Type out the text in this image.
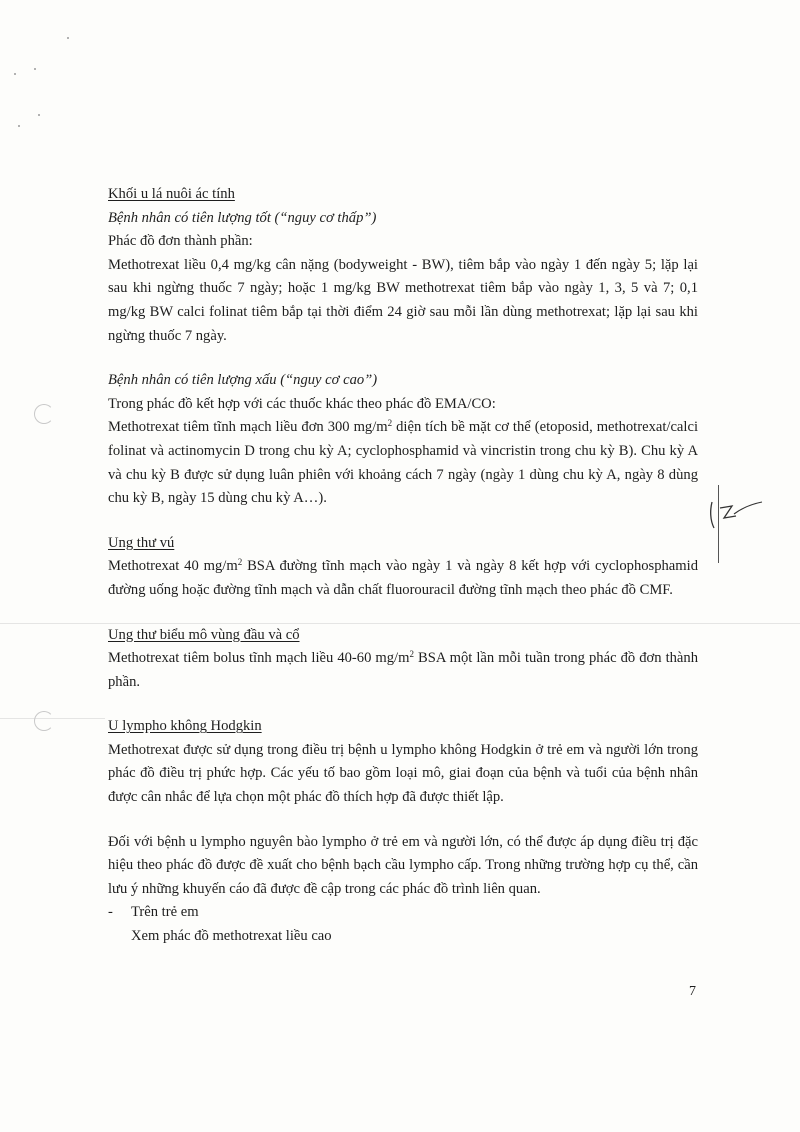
Khối u lá nuôi ác tính

Bệnh nhân có tiên lượng tốt (“nguy cơ thấp”)

Phác đồ đơn thành phần:

Methotrexat liều 0,4 mg/kg cân nặng (bodyweight - BW), tiêm bắp vào ngày 1 đến ngày 5; lặp lại sau khi ngừng thuốc 7 ngày; hoặc 1 mg/kg BW methotrexat tiêm bắp vào ngày 1, 3, 5 và 7; 0,1 mg/kg BW calci folinat tiêm bắp tại thời điểm 24 giờ sau mỗi lần dùng methotrexat; lặp lại sau khi ngừng thuốc 7 ngày.

Bệnh nhân có tiên lượng xấu (“nguy cơ cao”)

Trong phác đồ kết hợp với các thuốc khác theo phác đồ EMA/CO:

Methotrexat tiêm tĩnh mạch liều đơn 300 $mg/m^2$ diện tích bề mặt cơ thể (etoposid, methotrexat/calci folinat và actinomycin D trong chu kỳ A; cyclophosphamid và vincristin trong chu kỳ B). Chu kỳ A và chu kỳ B được sử dụng luân phiên với khoảng cách 7 ngày (ngày 1 dùng chu kỳ A, ngày 8 dùng chu kỳ B, ngày 15 dùng chu kỳ A…).

Ung thư vú

Methotrexat 40 $mg/m^2$ BSA đường tĩnh mạch vào ngày 1 và ngày 8 kết hợp với cyclophosphamid đường uống hoặc đường tĩnh mạch và dẫn chất fluorouracil đường tĩnh mạch theo phác đồ CMF.

Ung thư biểu mô vùng đầu và cổ

Methotrexat tiêm bolus tĩnh mạch liều 40-60 $mg/m^2$ BSA một lần mỗi tuần trong phác đồ đơn thành phần.

U lympho không Hodgkin

Methotrexat được sử dụng trong điều trị bệnh u lympho không Hodgkin ở trẻ em và người lớn trong phác đồ điều trị phức hợp. Các yếu tố bao gồm loại mô, giai đoạn của bệnh và tuổi của bệnh nhân được cân nhắc để lựa chọn một phác đồ thích hợp đã được thiết lập.

Đối với bệnh u lympho nguyên bào lympho ở trẻ em và người lớn, có thể được áp dụng điều trị đặc hiệu theo phác đồ được đề xuất cho bệnh bạch cầu lympho cấp. Trong những trường hợp cụ thể, cần lưu ý những khuyến cáo đã được đề cập trong các phác đồ trình liên quan.

-	Trên trẻ em

Xem phác đồ methotrexat liều cao

7
